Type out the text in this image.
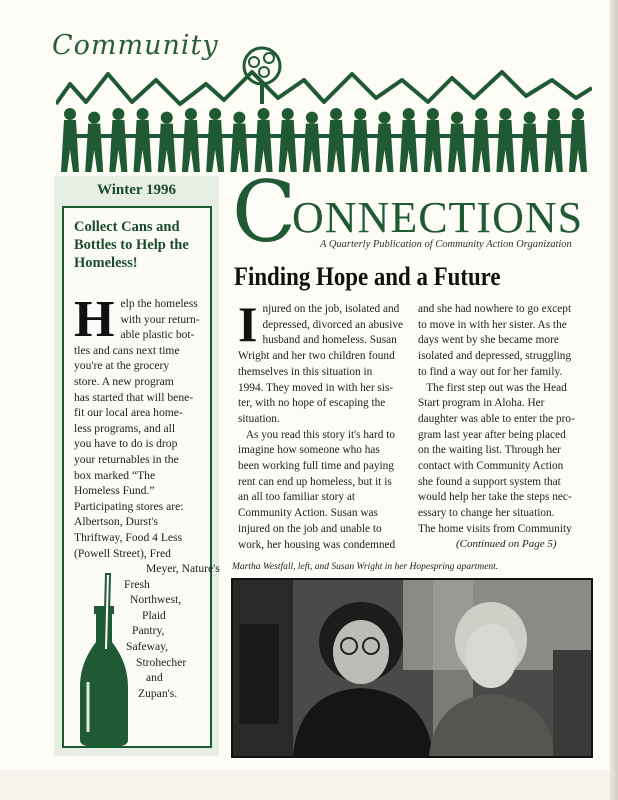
Community
Winter 1996
Collect Cans and
Bottles to Help the
Homeless!
H elp the homeless
with your return-
able plastic bot-
tles and cans next time
you're at the grocery
store. A new program
has started that will bene-
fit our local area home-
less programs, and all
you have to do is drop
your returnables in the
box marked “The
Homeless Fund.”
Participating stores are:
Albertson, Durst's
Thriftway, Food 4 Less
(Powell Street), Fred
Meyer, Nature's
Fresh
Northwest,
Plaid
Pantry,
Safeway,
Strohecher
and
Zupan's.
C
ONNECTIONS
A Quarterly Publication of Community Action Organization
Finding Hope and a Future
I njured on the job, isolated and
depressed, divorced an abusive
husband and homeless. Susan
Wright and her two children found
themselves in this situation in
1994. They moved in with her sis-
ter, with no hope of escaping the
situation.
As you read this story it's hard to
imagine how someone who has
been working full time and paying
rent can end up homeless, but it is
an all too familiar story at
Community Action. Susan was
injured on the job and unable to
work, her housing was condemned
and she had nowhere to go except
to move in with her sister. As the
days went by she became more
isolated and depressed, struggling
to find a way out for her family.
The first step out was the Head
Start program in Aloha. Her
daughter was able to enter the pro-
gram last year after being placed
on the waiting list. Through her
contact with Community Action
she found a support system that
would help her take the steps nec-
essary to change her situation.
The home visits from Community
(Continued on Page 5)
Martha Westfall, left, and Susan Wright in her Hopespring apartment.
